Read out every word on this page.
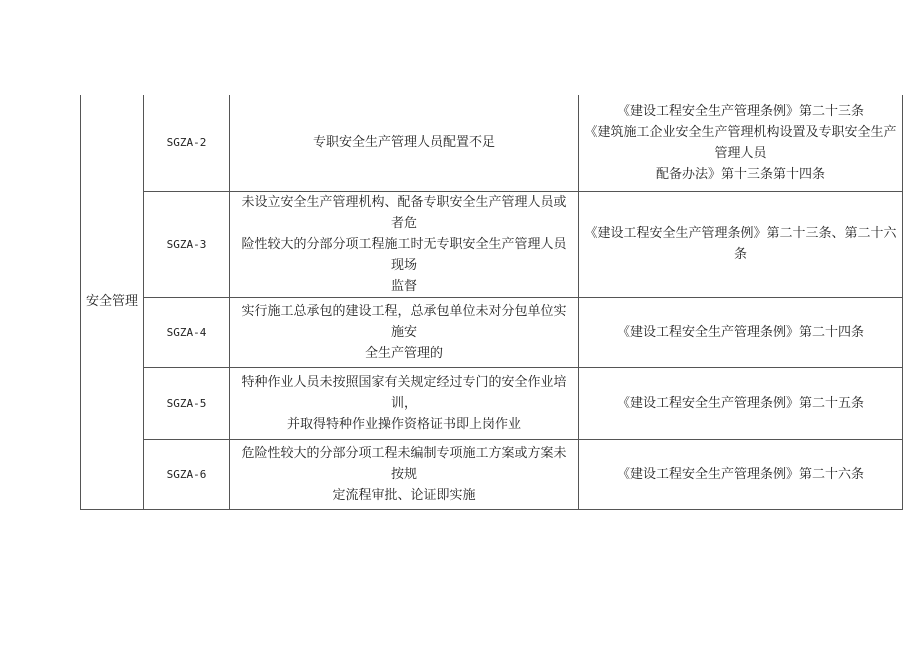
安全管理	SGZA-2	专职安全生产管理人员配置不足	《建设工程安全生产管理条例》第二十三条
《建筑施工企业安全生产管理机构设置及专职安全生产管理人员
配备办法》第十三条第十四条

	SGZA-3	未设立安全生产管理机构、配备专职安全生产管理人员或者危
险性较大的分部分项工程施工时无专职安全生产管理人员现场
监督	《建设工程安全生产管理条例》第二十三条、第二十六
条

	SGZA-4	实行施工总承包的建设工程，总承包单位未对分包单位实施安
全生产管理的	《建设工程安全生产管理条例》第二十四条

	SGZA-5	特种作业人员未按照国家有关规定经过专门的安全作业培训，
并取得特种作业操作资格证书即上岗作业	《建设工程安全生产管理条例》第二十五条

	SGZA-6	危险性较大的分部分项工程未编制专项施工方案或方案未按规
定流程审批、论证即实施	《建设工程安全生产管理条例》第二十六条
